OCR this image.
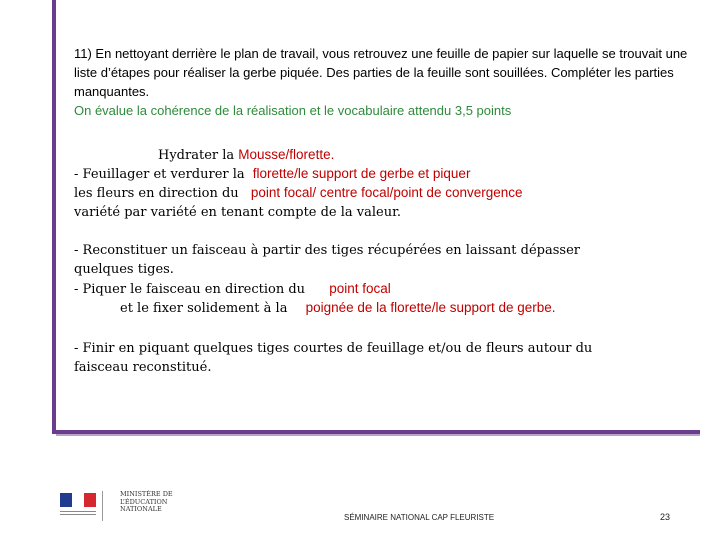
11) En nettoyant derrière le plan de travail, vous retrouvez une feuille de papier sur laquelle se trouvait une liste d’étapes pour réaliser la gerbe piquée. Des parties de la feuille sont souillées. Compléter les parties manquantes.
On évalue la cohérence de la réalisation et le vocabulaire attendu 3,5 points
Hydrater la Mousse/florette.
- Feuillager et verdurer la florette/le support de gerbe et piquer
les fleurs en direction du point focal/ centre focal/point de convergence
variété par variété en tenant compte de la valeur.
- Reconstituer un faisceau à partir des tiges récupérées en laissant dépasser
quelques tiges.
- Piquer le faisceau en direction du point focal
et le fixer solidement à la poignée de la florette/le support de gerbe.
- Finir en piquant quelques tiges courtes de feuillage et/ou de fleurs autour du
faisceau reconstitué.
MINISTÈRE DE L’ÉDUCATION NATIONALE
SÉMINAIRE NATIONAL CAP FLEURISTE	23
